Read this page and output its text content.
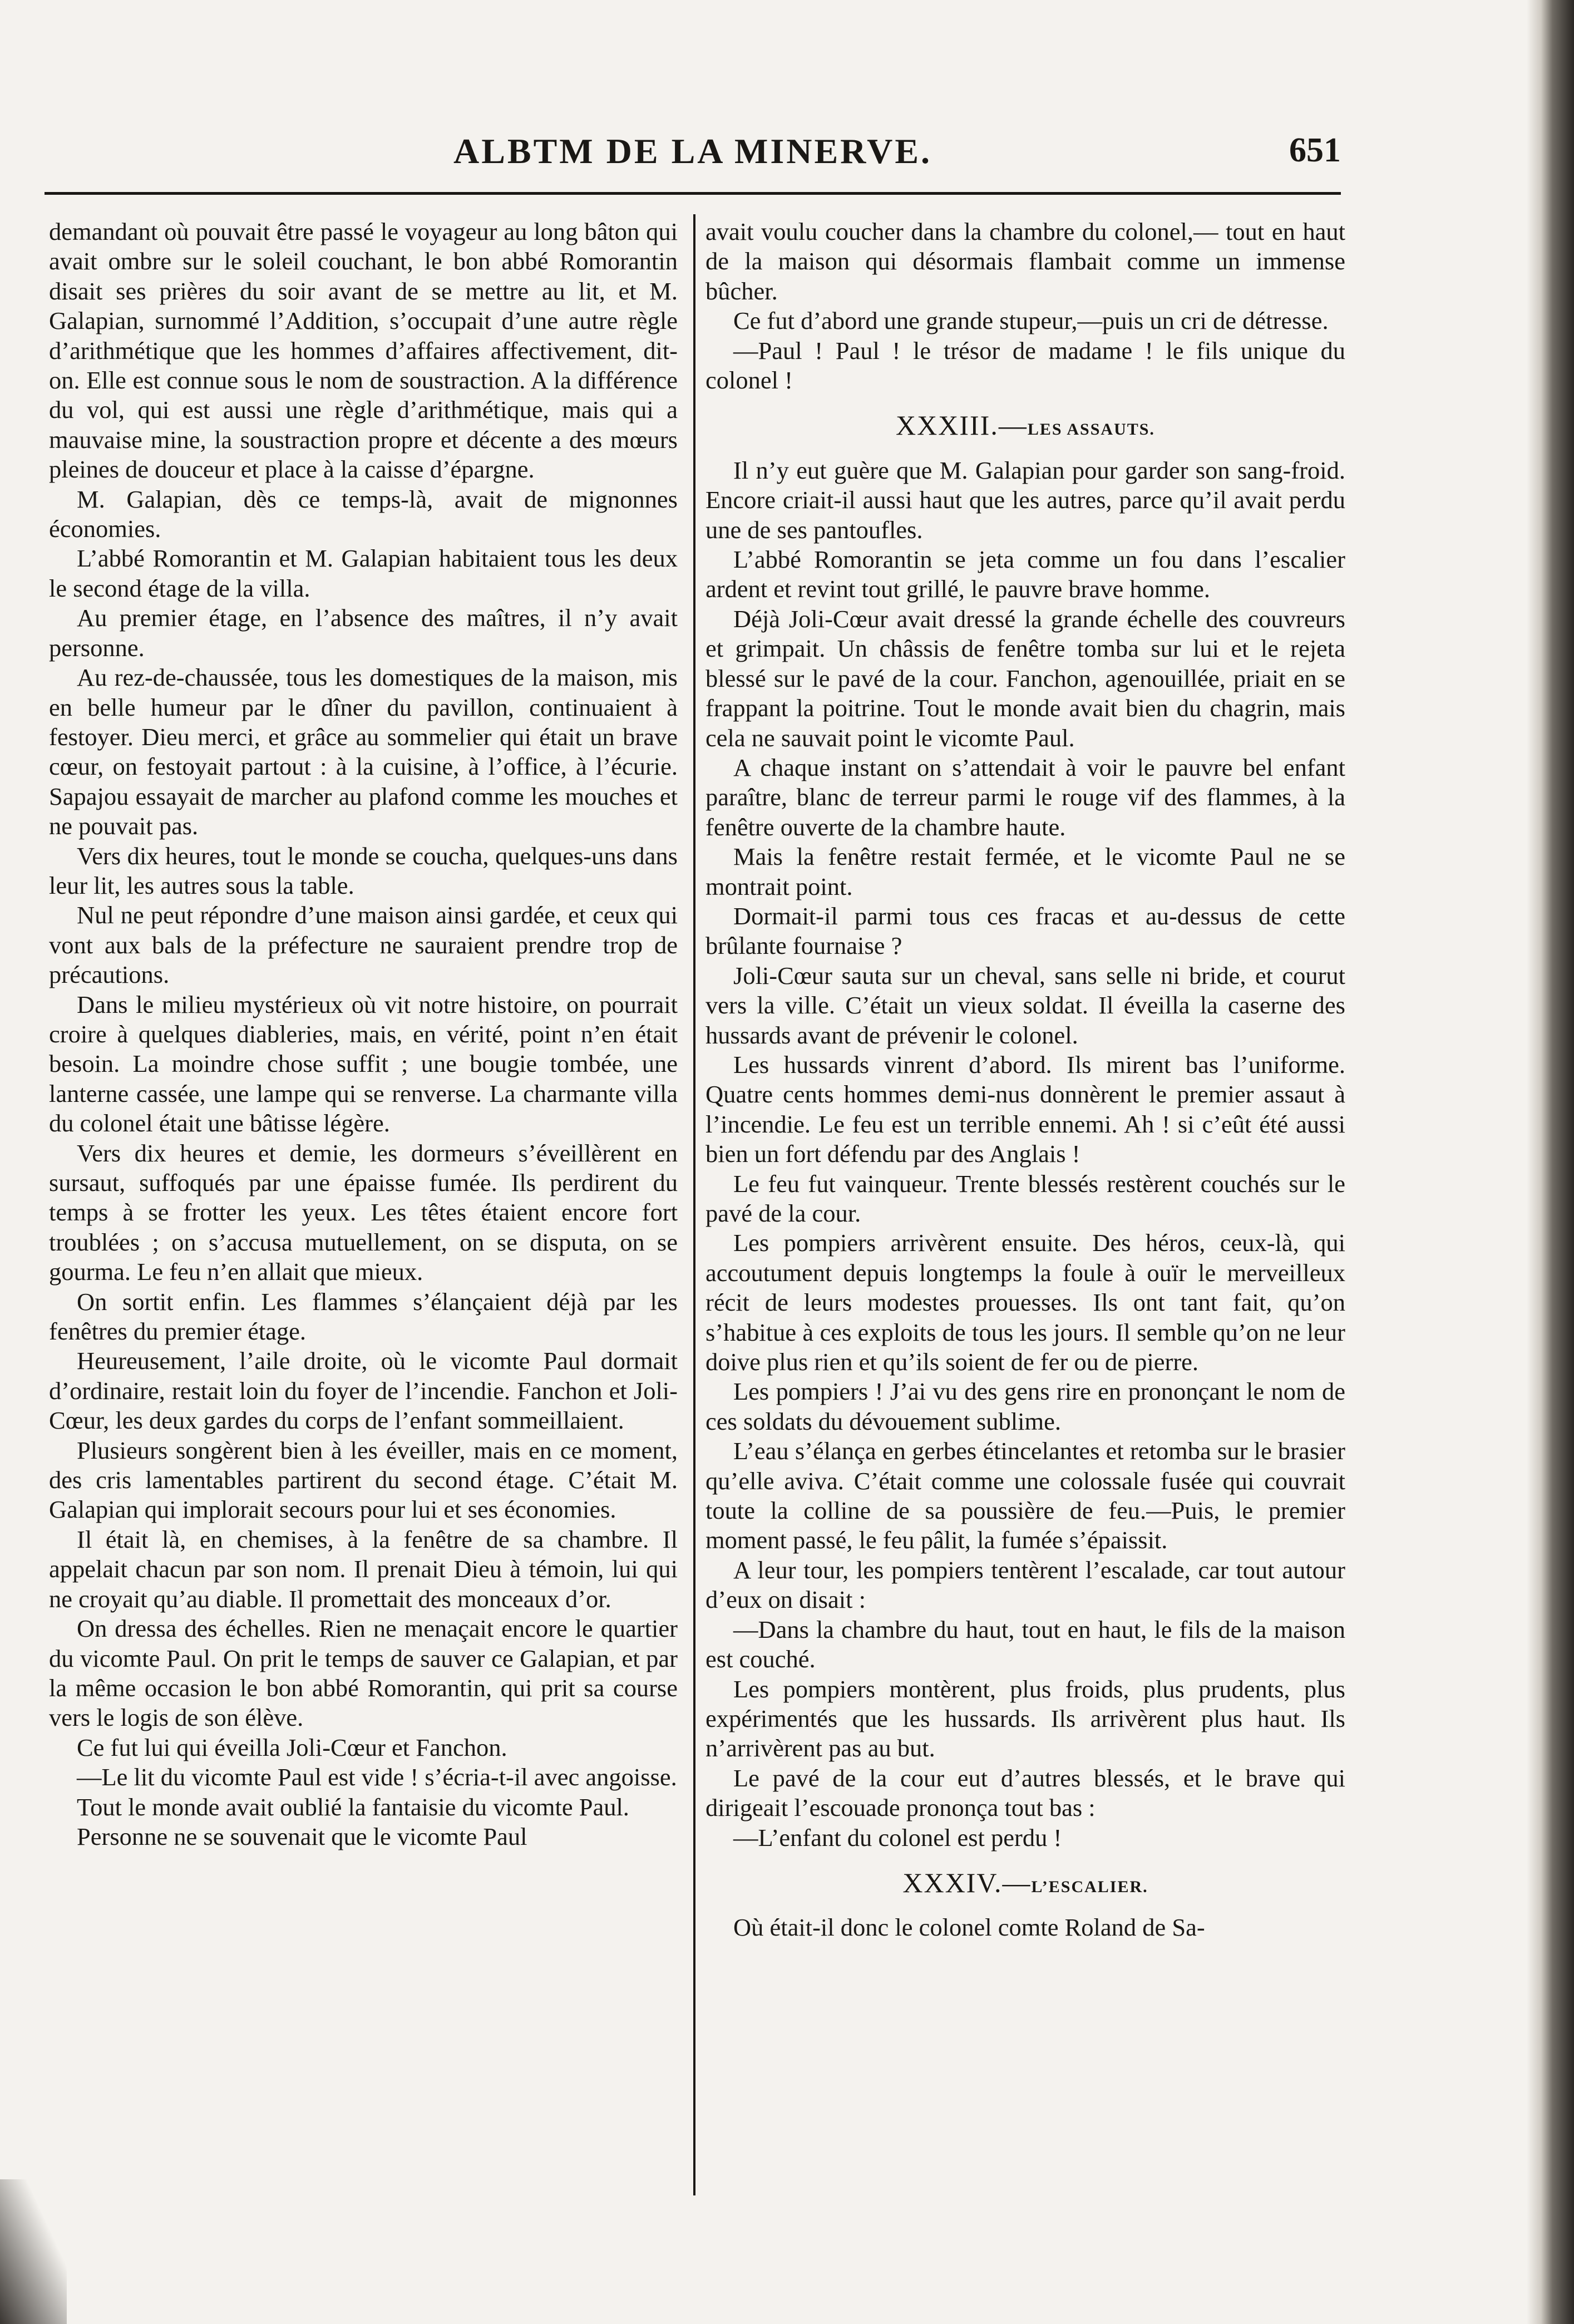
ALBTM DE LA MINERVE.	651

demandant où pouvait être passé le voyageur au long bâton qui avait ombre sur le soleil couchant, le bon abbé Romorantin disait ses prières du soir avant de se mettre au lit, et M. Galapian, surnommé l’Addition, s’occupait d’une autre règle d’arithmétique que les hommes d’affaires affectivement, dit-on. Elle est connue sous le nom de soustraction. A la différence du vol, qui est aussi une règle d’arithmétique, mais qui a mauvaise mine, la soustraction propre et décente a des mœurs pleines de douceur et place à la caisse d’épargne.

M. Galapian, dès ce temps-là, avait de mignonnes économies.

L’abbé Romorantin et M. Galapian habitaient tous les deux le second étage de la villa.

Au premier étage, en l’absence des maîtres, il n’y avait personne.

Au rez-de-chaussée, tous les domestiques de la maison, mis en belle humeur par le dîner du pavillon, continuaient à festoyer. Dieu merci, et grâce au sommelier qui était un brave cœur, on festoyait partout : à la cuisine, à l’office, à l’écurie. Sapajou essayait de marcher au plafond comme les mouches et ne pouvait pas.

Vers dix heures, tout le monde se coucha, quelques-uns dans leur lit, les autres sous la table.

Nul ne peut répondre d’une maison ainsi gardée, et ceux qui vont aux bals de la préfecture ne sauraient prendre trop de précautions.

Dans le milieu mystérieux où vit notre histoire, on pourrait croire à quelques diableries, mais, en vérité, point n’en était besoin. La moindre chose suffit ; une bougie tombée, une lanterne cassée, une lampe qui se renverse. La charmante villa du colonel était une bâtisse légère.

Vers dix heures et demie, les dormeurs s’éveillèrent en sursaut, suffoqués par une épaisse fumée. Ils perdirent du temps à se frotter les yeux. Les têtes étaient encore fort troublées ; on s’accusa mutuellement, on se disputa, on se gourma. Le feu n’en allait que mieux.

On sortit enfin. Les flammes s’élançaient déjà par les fenêtres du premier étage.

Heureusement, l’aile droite, où le vicomte Paul dormait d’ordinaire, restait loin du foyer de l’incendie. Fanchon et Joli-Cœur, les deux gardes du corps de l’enfant sommeillaient.

Plusieurs songèrent bien à les éveiller, mais en ce moment, des cris lamentables partirent du second étage. C’était M. Galapian qui implorait secours pour lui et ses économies.

Il était là, en chemises, à la fenêtre de sa chambre. Il appelait chacun par son nom. Il prenait Dieu à témoin, lui qui ne croyait qu’au diable. Il promettait des monceaux d’or.

On dressa des échelles. Rien ne menaçait encore le quartier du vicomte Paul. On prit le temps de sauver ce Galapian, et par la même occasion le bon abbé Romorantin, qui prit sa course vers le logis de son élève.

Ce fut lui qui éveilla Joli-Cœur et Fanchon.

—Le lit du vicomte Paul est vide ! s’écria-t-il avec angoisse.

Tout le monde avait oublié la fantaisie du vicomte Paul.

Personne ne se souvenait que le vicomte Paul

avait voulu coucher dans la chambre du colonel,— tout en haut de la maison qui désormais flambait comme un immense bûcher.

Ce fut d’abord une grande stupeur,—puis un cri de détresse.

—Paul ! Paul ! le trésor de madame ! le fils unique du colonel !

XXXIII.—LES ASSAUTS.

Il n’y eut guère que M. Galapian pour garder son sang-froid. Encore criait-il aussi haut que les autres, parce qu’il avait perdu une de ses pantoufles.

L’abbé Romorantin se jeta comme un fou dans l’escalier ardent et revint tout grillé, le pauvre brave homme.

Déjà Joli-Cœur avait dressé la grande échelle des couvreurs et grimpait. Un châssis de fenêtre tomba sur lui et le rejeta blessé sur le pavé de la cour. Fanchon, agenouillée, priait en se frappant la poitrine. Tout le monde avait bien du chagrin, mais cela ne sauvait point le vicomte Paul.

A chaque instant on s’attendait à voir le pauvre bel enfant paraître, blanc de terreur parmi le rouge vif des flammes, à la fenêtre ouverte de la chambre haute.

Mais la fenêtre restait fermée, et le vicomte Paul ne se montrait point.

Dormait-il parmi tous ces fracas et au-dessus de cette brûlante fournaise ?

Joli-Cœur sauta sur un cheval, sans selle ni bride, et courut vers la ville. C’était un vieux soldat. Il éveilla la caserne des hussards avant de prévenir le colonel.

Les hussards vinrent d’abord. Ils mirent bas l’uniforme. Quatre cents hommes demi-nus donnèrent le premier assaut à l’incendie. Le feu est un terrible ennemi. Ah ! si c’eût été aussi bien un fort défendu par des Anglais !

Le feu fut vainqueur. Trente blessés restèrent couchés sur le pavé de la cour.

Les pompiers arrivèrent ensuite. Des héros, ceux-là, qui accoutument depuis longtemps la foule à ouïr le merveilleux récit de leurs modestes prouesses. Ils ont tant fait, qu’on s’habitue à ces exploits de tous les jours. Il semble qu’on ne leur doive plus rien et qu’ils soient de fer ou de pierre.

Les pompiers ! J’ai vu des gens rire en prononçant le nom de ces soldats du dévouement sublime.

L’eau s’élança en gerbes étincelantes et retomba sur le brasier qu’elle aviva. C’était comme une colossale fusée qui couvrait toute la colline de sa poussière de feu.—Puis, le premier moment passé, le feu pâlit, la fumée s’épaissit.

A leur tour, les pompiers tentèrent l’escalade, car tout autour d’eux on disait :

—Dans la chambre du haut, tout en haut, le fils de la maison est couché.

Les pompiers montèrent, plus froids, plus prudents, plus expérimentés que les hussards. Ils arrivèrent plus haut. Ils n’arrivèrent pas au but.

Le pavé de la cour eut d’autres blessés, et le brave qui dirigeait l’escouade prononça tout bas :

—L’enfant du colonel est perdu !

XXXIV.—L’ESCALIER.

Où était-il donc le colonel comte Roland de Sa-
